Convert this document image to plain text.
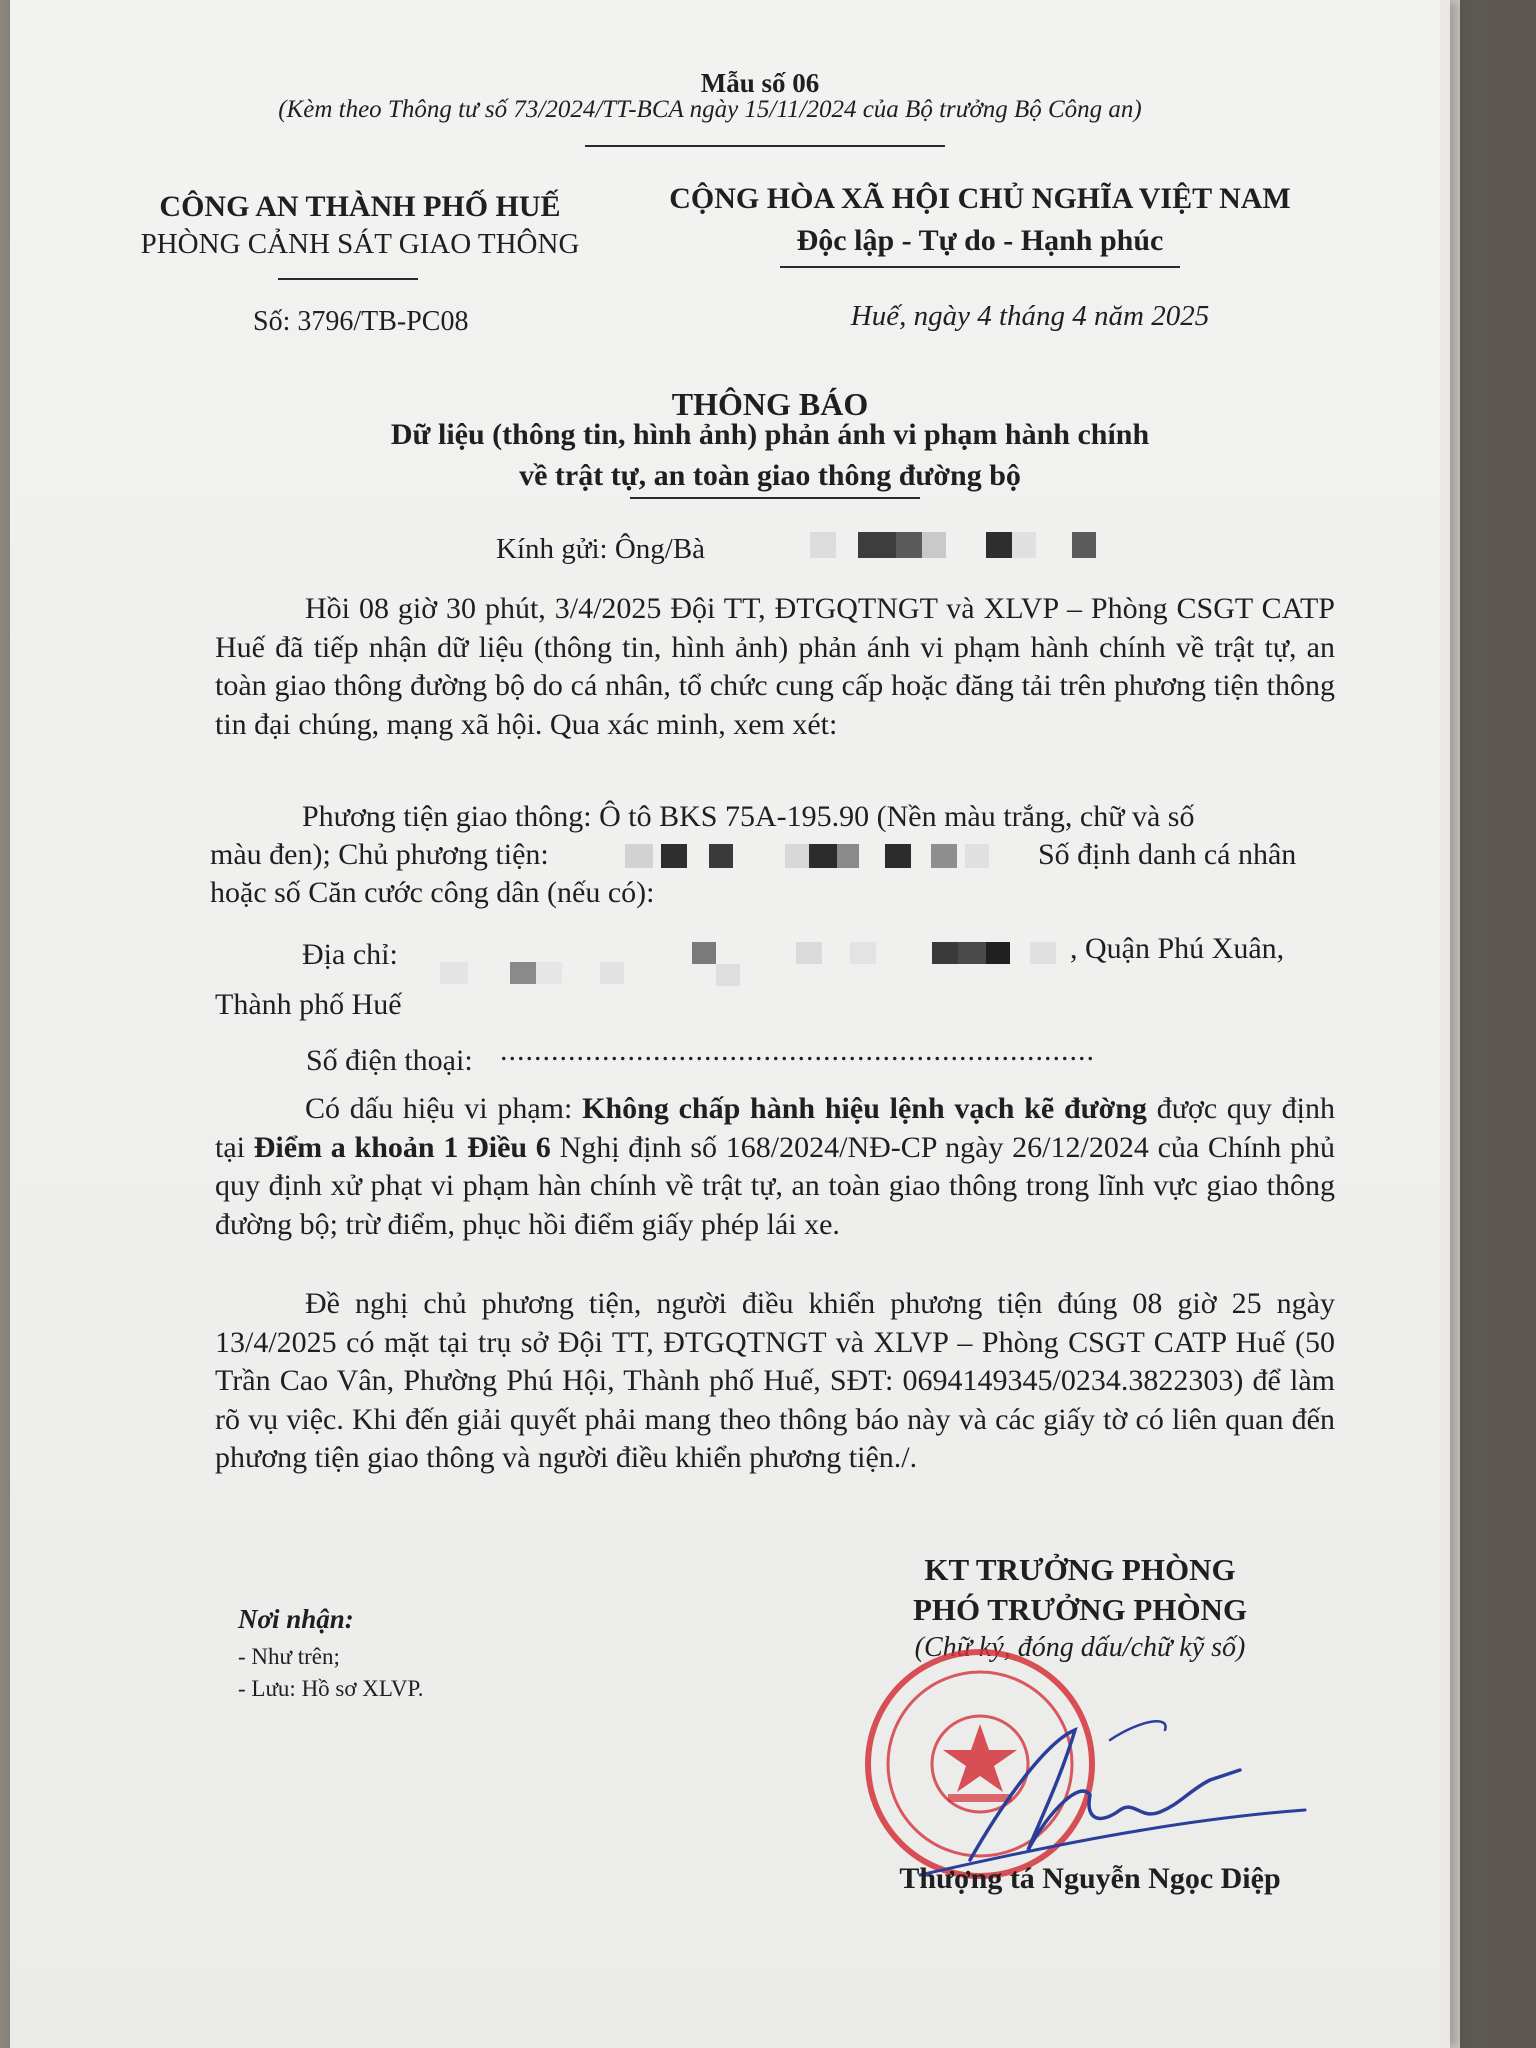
Mẫu số 06
(Kèm theo Thông tư số 73/2024/TT-BCA ngày 15/11/2024 của Bộ trưởng Bộ Công an)
CÔNG AN THÀNH PHỐ HUẾ
PHÒNG CẢNH SÁT GIAO THÔNG
CỘNG HÒA XÃ HỘI CHỦ NGHĨA VIỆT NAM
Độc lập - Tự do - Hạnh phúc
Số: 3796/TB-PC08	Huế, ngày 4 tháng 4 năm 2025
THÔNG BÁO
Dữ liệu (thông tin, hình ảnh) phản ánh vi phạm hành chính
về trật tự, an toàn giao thông đường bộ
Kính gửi: Ông/Bà
Hồi 08 giờ 30 phút, 3/4/2025 Đội TT, ĐTGQTNGT và XLVP – Phòng CSGT CATP Huế đã tiếp nhận dữ liệu (thông tin, hình ảnh) phản ánh vi phạm hành chính về trật tự, an toàn giao thông đường bộ do cá nhân, tổ chức cung cấp hoặc đăng tải trên phương tiện thông tin đại chúng, mạng xã hội. Qua xác minh, xem xét:
Phương tiện giao thông: Ô tô BKS 75A-195.90 (Nền màu trắng, chữ và số
màu đen); Chủ phương tiện:	Số định danh cá nhân
hoặc số Căn cước công dân (nếu có):
Địa chỉ:	, Quận Phú Xuân,
Thành phố Huế
Số điện thoại: ......................................................................
Có dấu hiệu vi phạm: Không chấp hành hiệu lệnh vạch kẽ đường được quy định tại Điểm a khoản 1 Điều 6 Nghị định số 168/2024/NĐ-CP ngày 26/12/2024 của Chính phủ quy định xử phạt vi phạm hàn chính về trật tự, an toàn giao thông trong lĩnh vực giao thông đường bộ; trừ điểm, phục hồi điểm giấy phép lái xe.
Đề nghị chủ phương tiện, người điều khiển phương tiện đúng 08 giờ 25 ngày 13/4/2025 có mặt tại trụ sở Đội TT, ĐTGQTNGT và XLVP – Phòng CSGT CATP Huế (50 Trần Cao Vân, Phường Phú Hội, Thành phố Huế, SĐT: 0694149345/0234.3822303) để làm rõ vụ việc. Khi đến giải quyết phải mang theo thông báo này và các giấy tờ có liên quan đến phương tiện giao thông và người điều khiển phương tiện./.
Nơi nhận:
- Như trên;
- Lưu: Hồ sơ XLVP.
KT TRƯỞNG PHÒNG
PHÓ TRƯỞNG PHÒNG
(Chữ ký, đóng dấu/chữ kỹ số)
Thượng tá Nguyễn Ngọc Diệp
